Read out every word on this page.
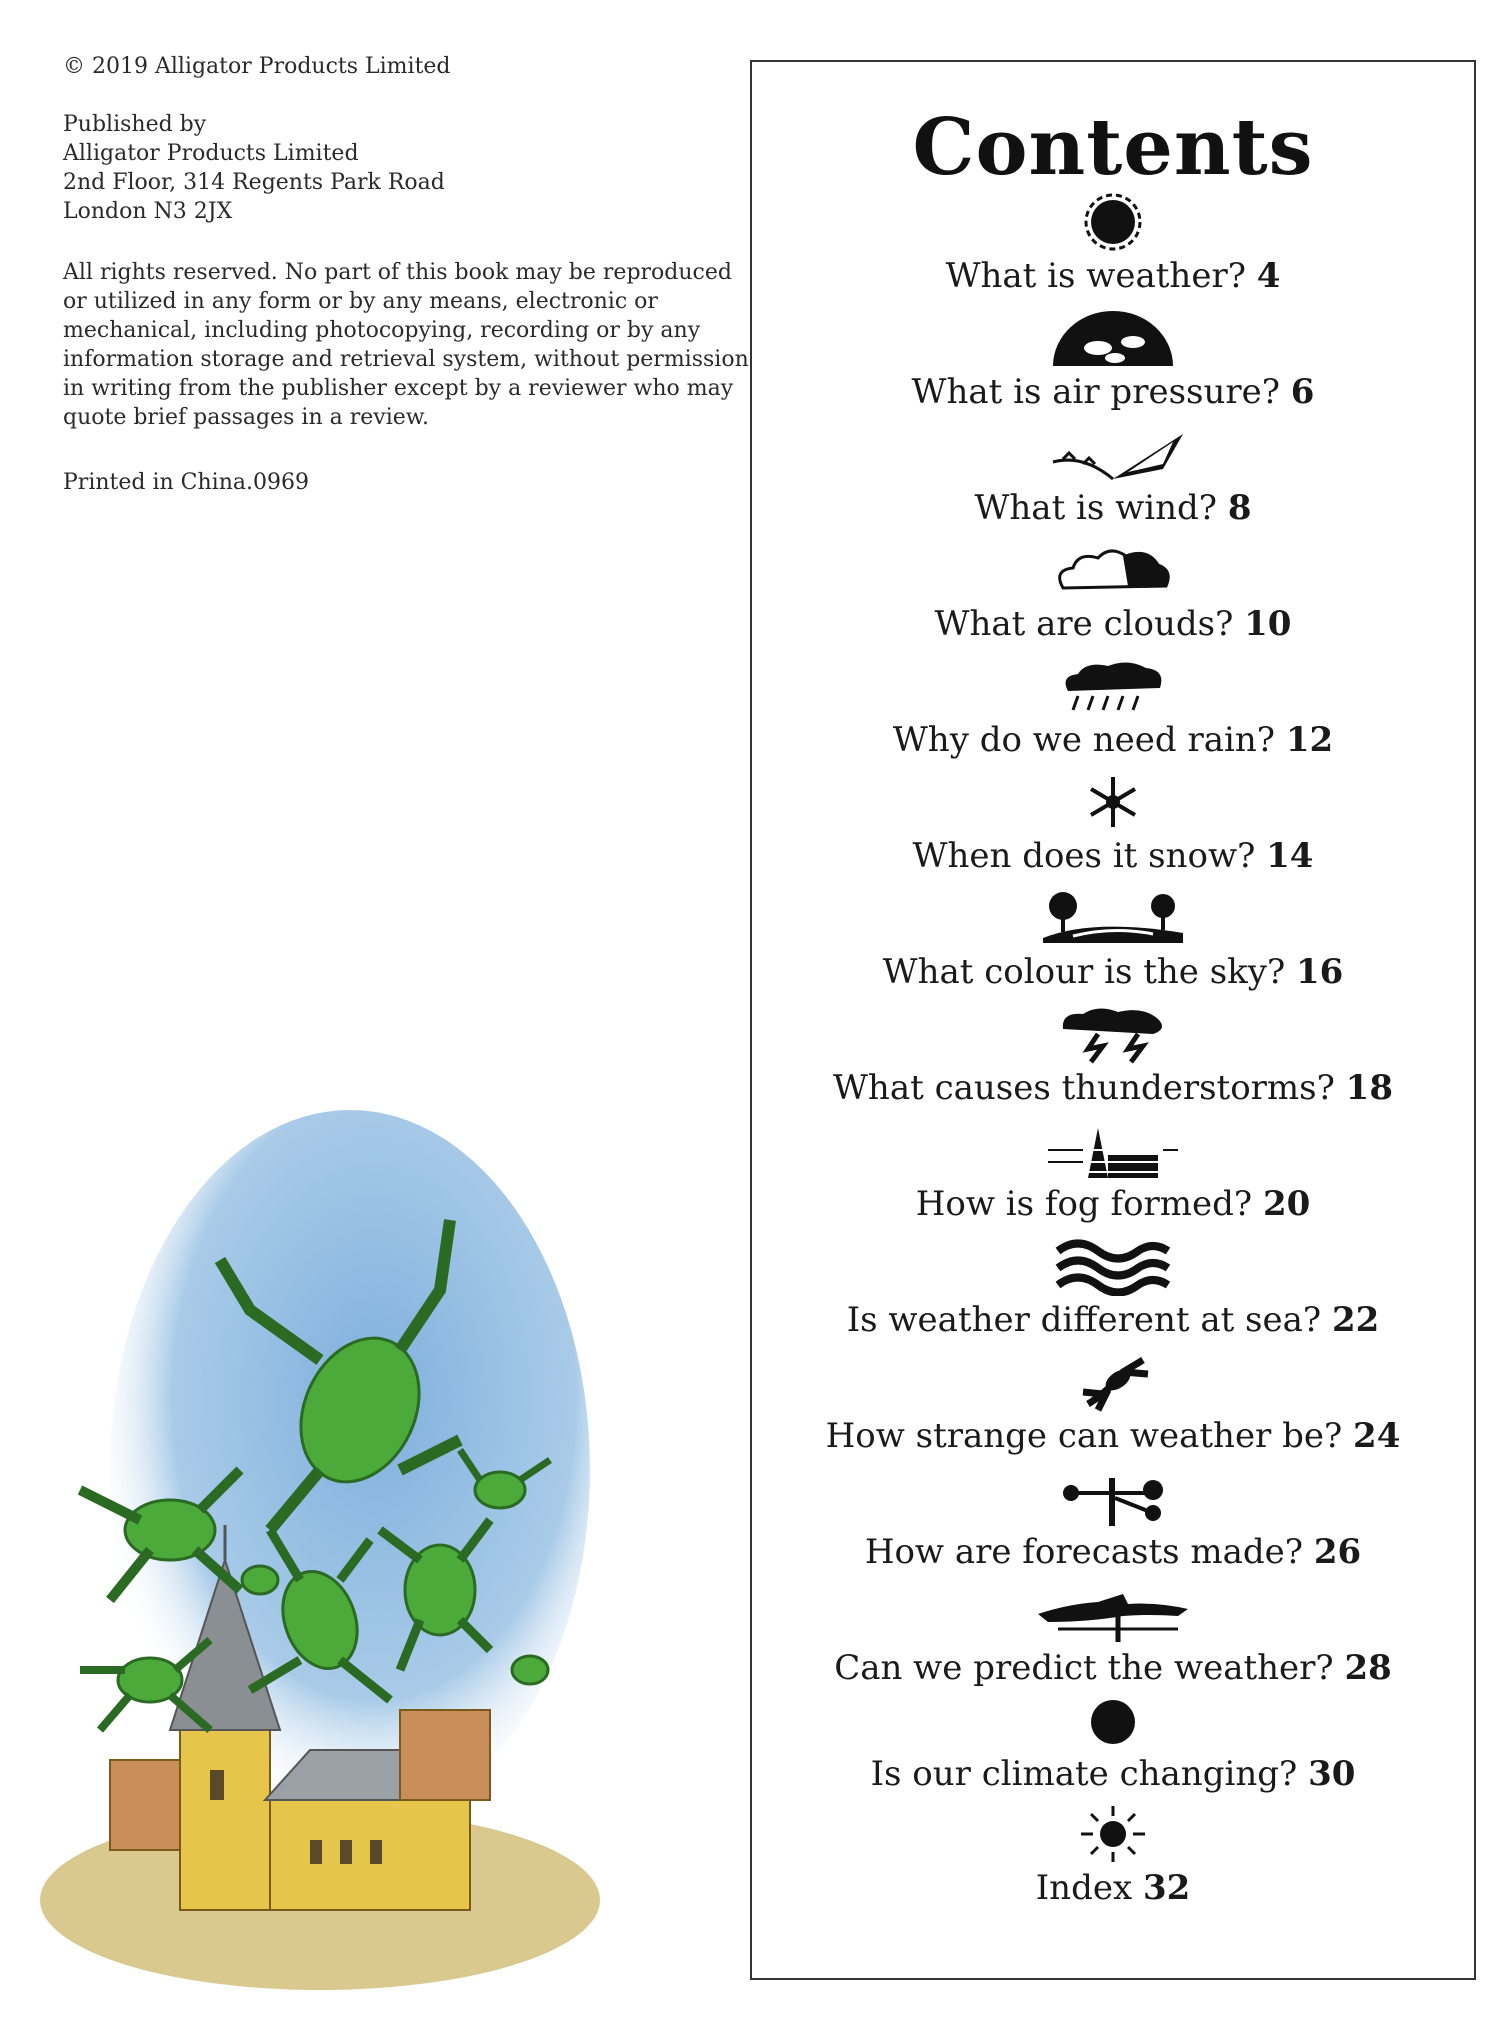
© 2019 Alligator Products Limited
Published by
Alligator Products Limited
2nd Floor, 314 Regents Park Road
London N3 2JX
All rights reserved. No part of this book may be reproduced or utilized in any form or by any means, electronic or mechanical, including photocopying, recording or by any information storage and retrieval system, without permission in writing from the publisher except by a reviewer who may quote brief passages in a review.
Printed in China.0969
Contents
What is weather? 4
What is air pressure? 6
What is wind? 8
What are clouds? 10
Why do we need rain? 12
When does it snow? 14
What colour is the sky? 16
What causes thunderstorms? 18
How is fog formed? 20
Is weather different at sea? 22
How strange can weather be? 24
How are forecasts made? 26
Can we predict the weather? 28
Is our climate changing? 30
Index 32
